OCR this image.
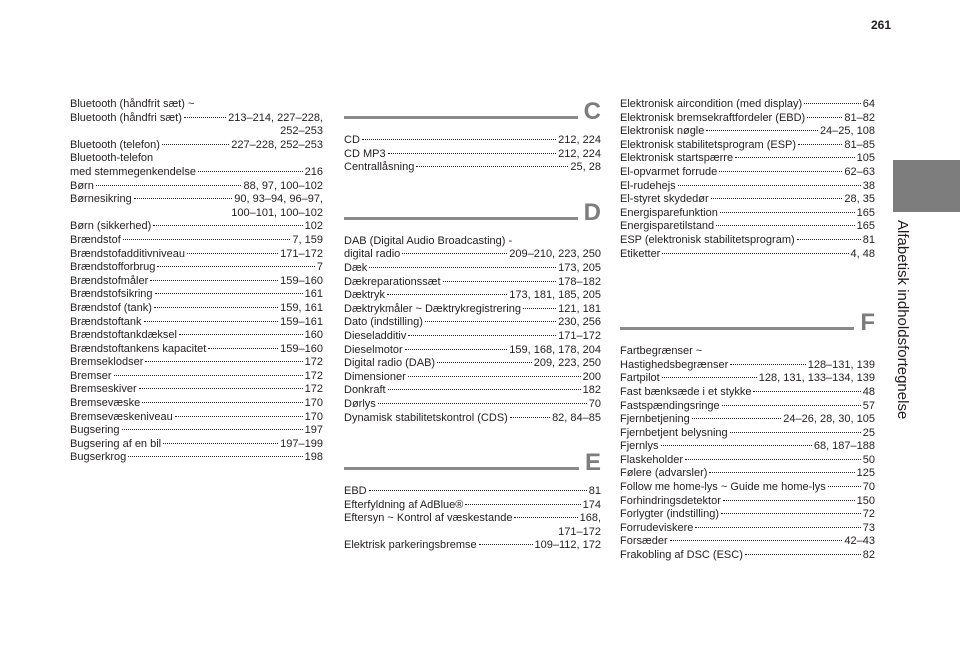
261
Alfabetisk indholdsfortegnelse
Bluetooth (håndfrit sæt) ~
Bluetooth (håndfri sæt)	213–214, 227–228,
252–253
Bluetooth (telefon)	227–228, 252–253
Bluetooth-telefon
med stemmegenkendelse	216
Børn	88, 97, 100–102
Børnesikring	90, 93–94, 96–97,
100–101, 100–102
Børn (sikkerhed)	102
Brændstof	7, 159
Brændstofadditivniveau	171–172
Brændstofforbrug	7
Brændstofmåler	159–160
Brændstofsikring	161
Brændstof (tank)	159, 161
Brændstoftank	159–161
Brændstoftankdæksel	160
Brændstoftankens kapacitet	159–160
Bremseklodser	172
Bremser	172
Bremseskiver	172
Bremsevæske	170
Bremsevæskeniveau	170
Bugsering	197
Bugsering af en bil	197–199
Bugserkrog	198
C
CD	212, 224
CD MP3	212, 224
Centrallåsning	25, 28
D
DAB (Digital Audio Broadcasting) -
digital radio	209–210, 223, 250
Dæk	173, 205
Dækreparationssæt	178–182
Dæktryk	173, 181, 185, 205
Dæktrykmåler ~ Dæktrykregistrering	121, 181
Dato (indstilling)	230, 256
Dieseladditiv	171–172
Dieselmotor	159, 168, 178, 204
Digital radio (DAB)	209, 223, 250
Dimensioner	200
Donkraft	182
Dørlys	70
Dynamisk stabilitetskontrol (CDS)	82, 84–85
E
EBD	81
Efterfyldning af AdBlue®	174
Eftersyn ~ Kontrol af væskestande	168,
171–172
Elektrisk parkeringsbremse	109–112, 172
Elektronisk aircondition (med display)	64
Elektronisk bremsekraftfordeler (EBD)	81–82
Elektronisk nøgle	24–25, 108
Elektronisk stabilitetsprogram (ESP)	81–85
Elektronisk startspærre	105
El-opvarmet forrude	62–63
El-rudehejs	38
El-styret skydedør	28, 35
Energisparefunktion	165
Energisparetilstand	165
ESP (elektronisk stabilitetsprogram)	81
Etiketter	4, 48
F
Fartbegrænser ~
Hastighedsbegrænser	128–131, 139
Fartpilot	128, 131, 133–134, 139
Fast bænksæde i et stykke	48
Fastspændingsringe	57
Fjernbetjening	24–26, 28, 30, 105
Fjernbetjent belysning	25
Fjernlys	68, 187–188
Flaskeholder	50
Følere (advarsler)	125
Follow me home-lys ~ Guide me home-lys	70
Forhindringsdetektor	150
Forlygter (indstilling)	72
Forrudeviskere	73
Forsæder	42–43
Frakobling af DSC (ESC)	82
